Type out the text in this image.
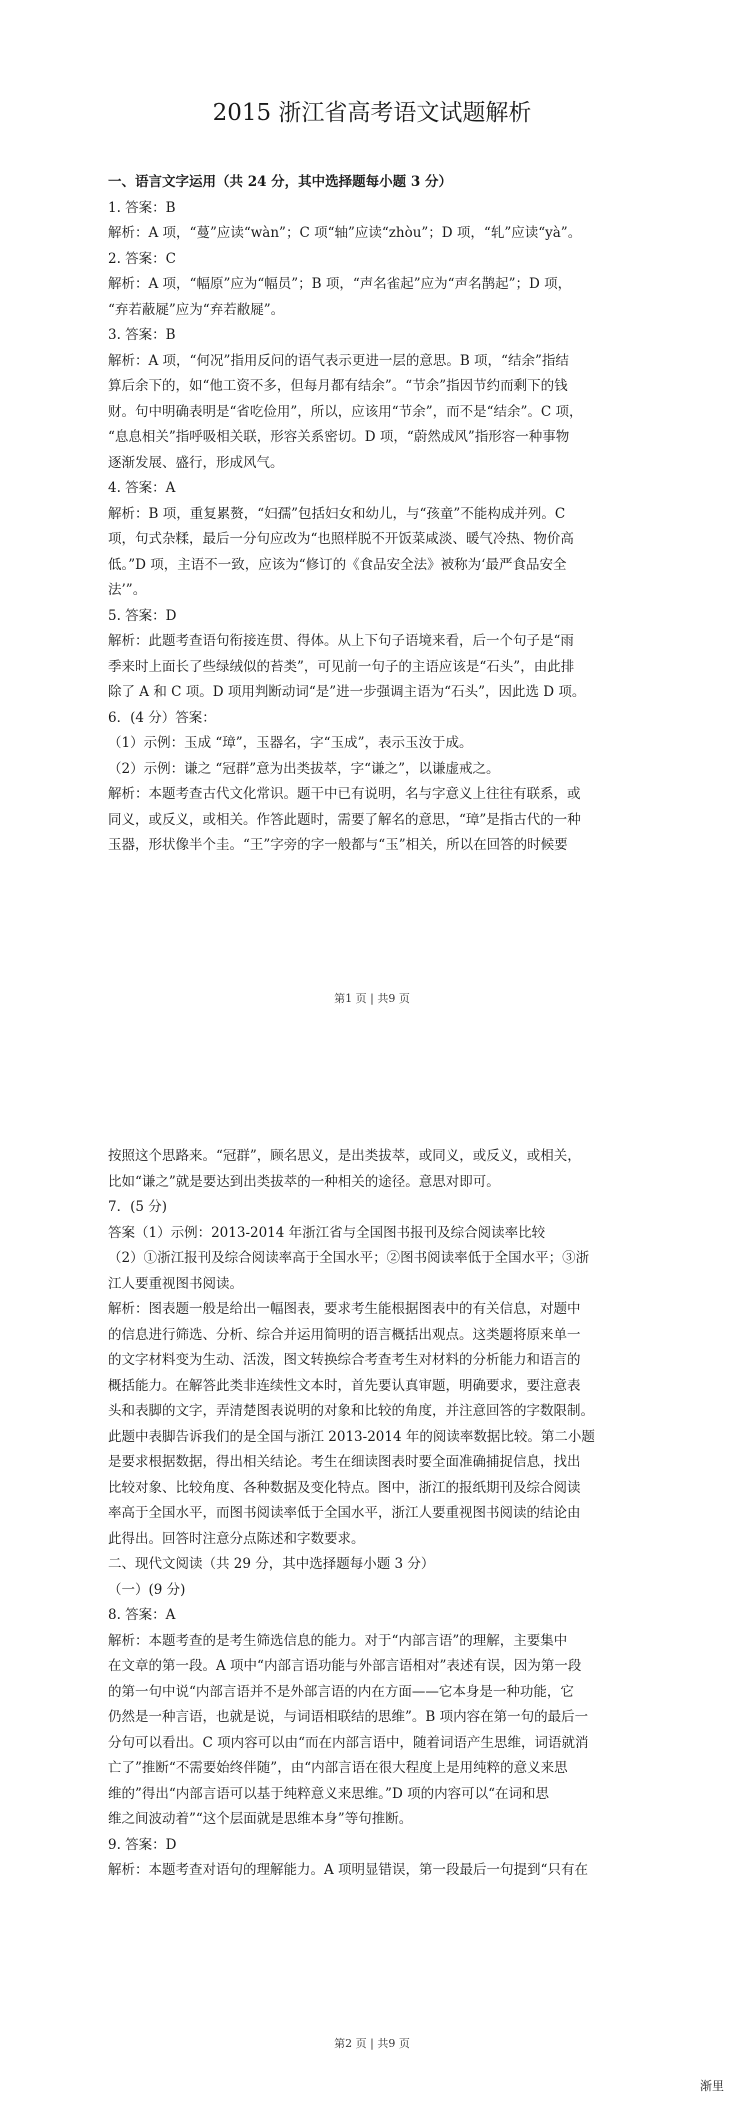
2015 浙江省高考语文试题解析
一、语言文字运用（共 24 分，其中选择题每小题 3 分）
1. 答案：B
解析：A 项，“蔓”应读“wàn”；C 项“轴”应读“zhòu”；D 项，“轧”应读“yà”。
2. 答案：C
解析：A 项，“幅原”应为“幅员”；B 项，“声名雀起”应为“声名鹊起”；D 项，
“弃若蔽屣”应为“弃若敝屣”。
3. 答案：B
解析：A 项，“何况”指用反问的语气表示更进一层的意思。B 项，“结余”指结
算后余下的，如“他工资不多，但每月都有结余”。“节余”指因节约而剩下的钱
财。句中明确表明是“省吃俭用”，所以，应该用“节余”，而不是“结余”。C 项，
“息息相关”指呼吸相关联，形容关系密切。D 项，“蔚然成风”指形容一种事物
逐渐发展、盛行，形成风气。
4. 答案：A
解析：B 项，重复累赘，“妇孺”包括妇女和幼儿，与“孩童”不能构成并列。C
项，句式杂糅，最后一分句应改为“也照样脱不开饭菜咸淡、暖气冷热、物价高
低。”D 项，主语不一致，应该为“修订的《食品安全法》被称为‘最严食品安全
法’”。
5. 答案：D
解析：此题考查语句衔接连贯、得体。从上下句子语境来看，后一个句子是“雨
季来时上面长了些绿绒似的苔类”，可见前一句子的主语应该是“石头”，由此排
除了 A 和 C 项。D 项用判断动词“是”进一步强调主语为“石头”，因此选 D 项。
6．(4 分）答案：
（1）示例：玉成 “璋”，玉器名，字“玉成”，表示玉汝于成。
（2）示例：谦之 “冠群”意为出类拔萃，字“谦之”，以谦虚戒之。
解析：本题考查古代文化常识。题干中已有说明，名与字意义上往往有联系，或
同义，或反义，或相关。作答此题时，需要了解名的意思，“璋”是指古代的一种
玉器，形状像半个圭。“王”字旁的字一般都与“玉”相关，所以在回答的时候要
第1 页 | 共9 页
按照这个思路来。“冠群”，顾名思义，是出类拔萃，或同义，或反义，或相关，
比如“谦之”就是要达到出类拔萃的一种相关的途径。意思对即可。
7．(5 分)
答案（1）示例：2013-2014 年浙江省与全国图书报刊及综合阅读率比较
（2）①浙江报刊及综合阅读率高于全国水平；②图书阅读率低于全国水平；③浙
江人要重视图书阅读。
解析：图表题一般是给出一幅图表，要求考生能根据图表中的有关信息，对题中
的信息进行筛选、分析、综合并运用简明的语言概括出观点。这类题将原来单一
的文字材料变为生动、活泼，图文转换综合考查考生对材料的分析能力和语言的
概括能力。在解答此类非连续性文本时，首先要认真审题，明确要求，要注意表
头和表脚的文字，弄清楚图表说明的对象和比较的角度，并注意回答的字数限制。
此题中表脚告诉我们的是全国与浙江 2013-2014 年的阅读率数据比较。第二小题
是要求根据数据，得出相关结论。考生在细读图表时要全面准确捕捉信息，找出
比较对象、比较角度、各种数据及变化特点。图中，浙江的报纸期刊及综合阅读
率高于全国水平，而图书阅读率低于全国水平，浙江人要重视图书阅读的结论由
此得出。回答时注意分点陈述和字数要求。
二、现代文阅读（共 29 分，其中选择题每小题 3 分）
（一）(9 分)
8. 答案：A
解析：本题考查的是考生筛选信息的能力。对于“内部言语”的理解，主要集中
在文章的第一段。A 项中“内部言语功能与外部言语相对”表述有误，因为第一段
的第一句中说“内部言语并不是外部言语的内在方面——它本身是一种功能，它
仍然是一种言语，也就是说，与词语相联结的思维”。B 项内容在第一句的最后一
分句可以看出。C 项内容可以由“而在内部言语中，随着词语产生思维，词语就消
亡了”推断“不需要始终伴随”，由“内部言语在很大程度上是用纯粹的意义来思
维的”得出“内部言语可以基于纯粹意义来思维。”D 项的内容可以“在词和思
维之间波动着”“这个层面就是思维本身”等句推断。
9. 答案：D
解析：本题考查对语句的理解能力。A 项明显错误，第一段最后一句提到“只有在
第2 页 | 共9 页
渐里
